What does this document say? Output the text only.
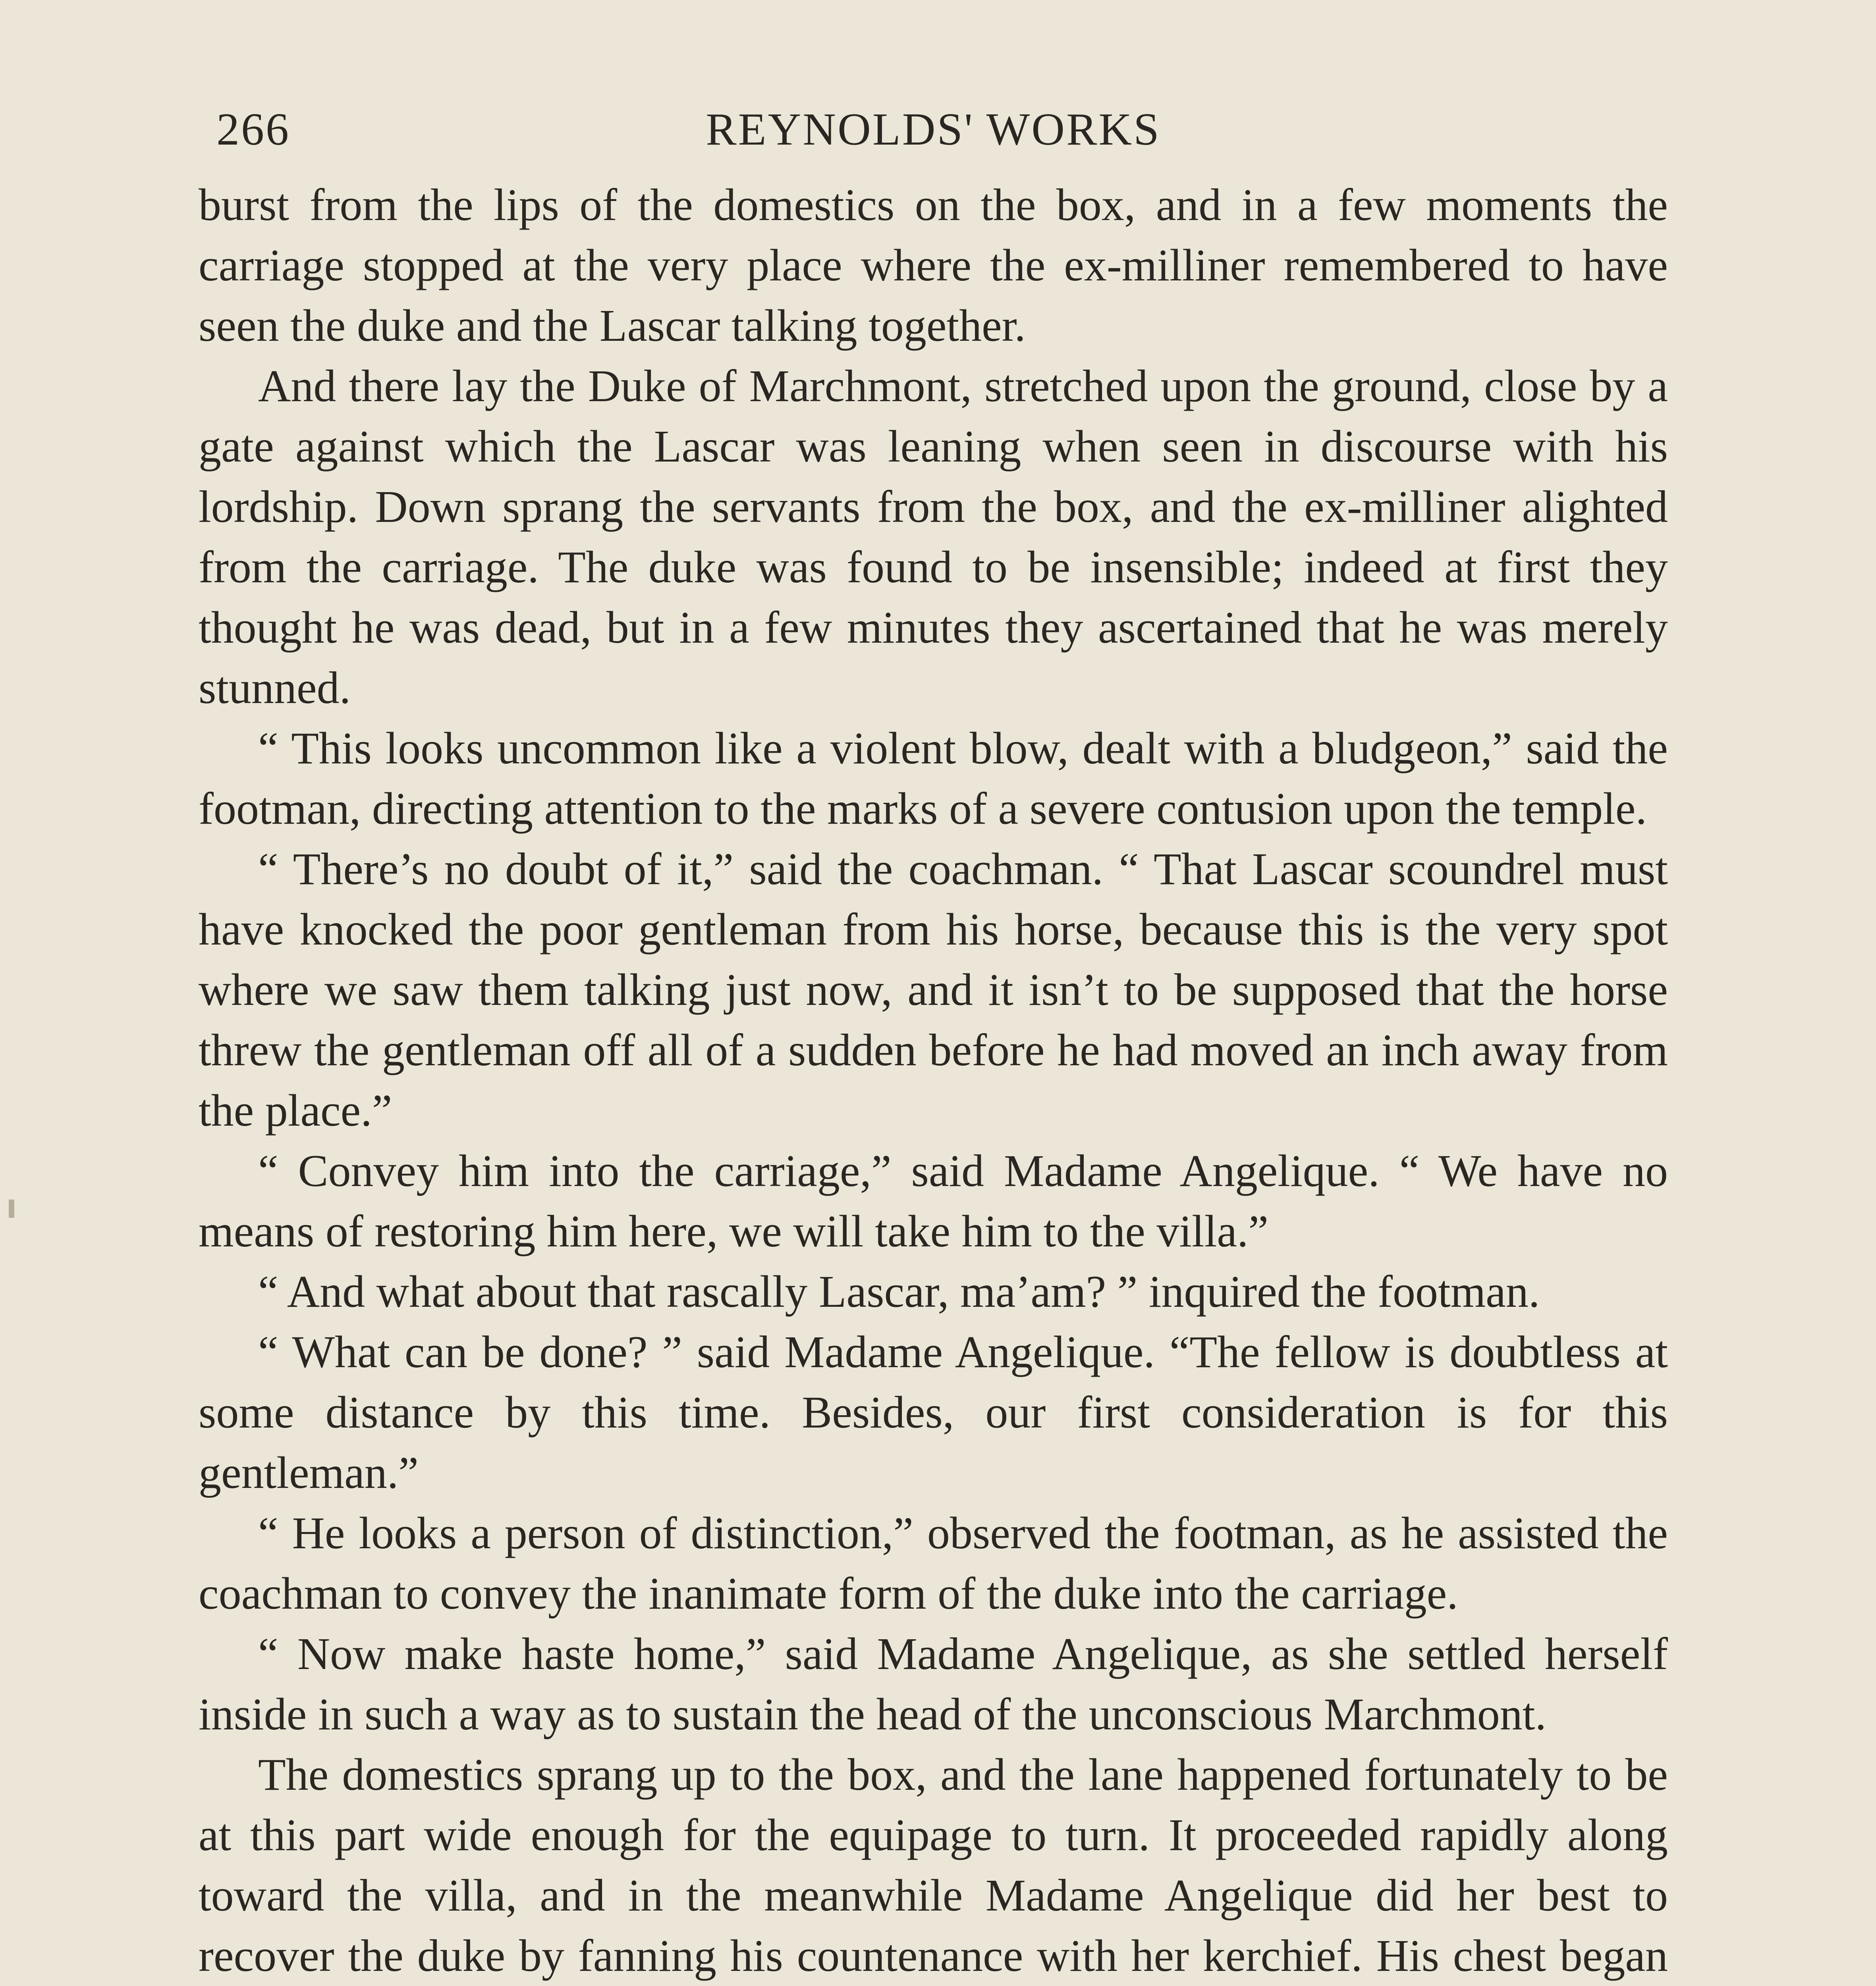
266	REYNOLDS' WORKS

burst from the lips of the domestics on the box, and in a few moments the carriage stopped at the very place where the ex-milliner remembered to have seen the duke and the Lascar talking together.

And there lay the Duke of Marchmont, stretched upon the ground, close by a gate against which the Lascar was leaning when seen in discourse with his lordship. Down sprang the servants from the box, and the ex-milliner alighted from the carriage. The duke was found to be insensible; indeed at first they thought he was dead, but in a few minutes they ascertained that he was merely stunned.

“ This looks uncommon like a violent blow, dealt with a bludgeon,” said the footman, directing attention to the marks of a severe contusion upon the temple.

“ There’s no doubt of it,” said the coachman. “ That Lascar scoundrel must have knocked the poor gentleman from his horse, because this is the very spot where we saw them talking just now, and it isn’t to be supposed that the horse threw the gentleman off all of a sudden before he had moved an inch away from the place.”

“ Convey him into the carriage,” said Madame Angelique. “ We have no means of restoring him here, we will take him to the villa.”

“ And what about that rascally Lascar, ma’am? ” inquired the footman.

“ What can be done? ” said Madame Angelique. “The fellow is doubtless at some distance by this time. Besides, our first consideration is for this gentleman.”

“ He looks a person of distinction,” observed the footman, as he assisted the coachman to convey the inanimate form of the duke into the carriage.

“ Now make haste home,” said Madame Angelique, as she settled herself inside in such a way as to sustain the head of the unconscious Marchmont.

The domestics sprang up to the box, and the lane happened fortunately to be at this part wide enough for the equipage to turn. It proceeded rapidly along toward the villa, and in the meanwhile Madame Angelique did her best to recover the duke by fanning his countenance with her kerchief. His chest began
